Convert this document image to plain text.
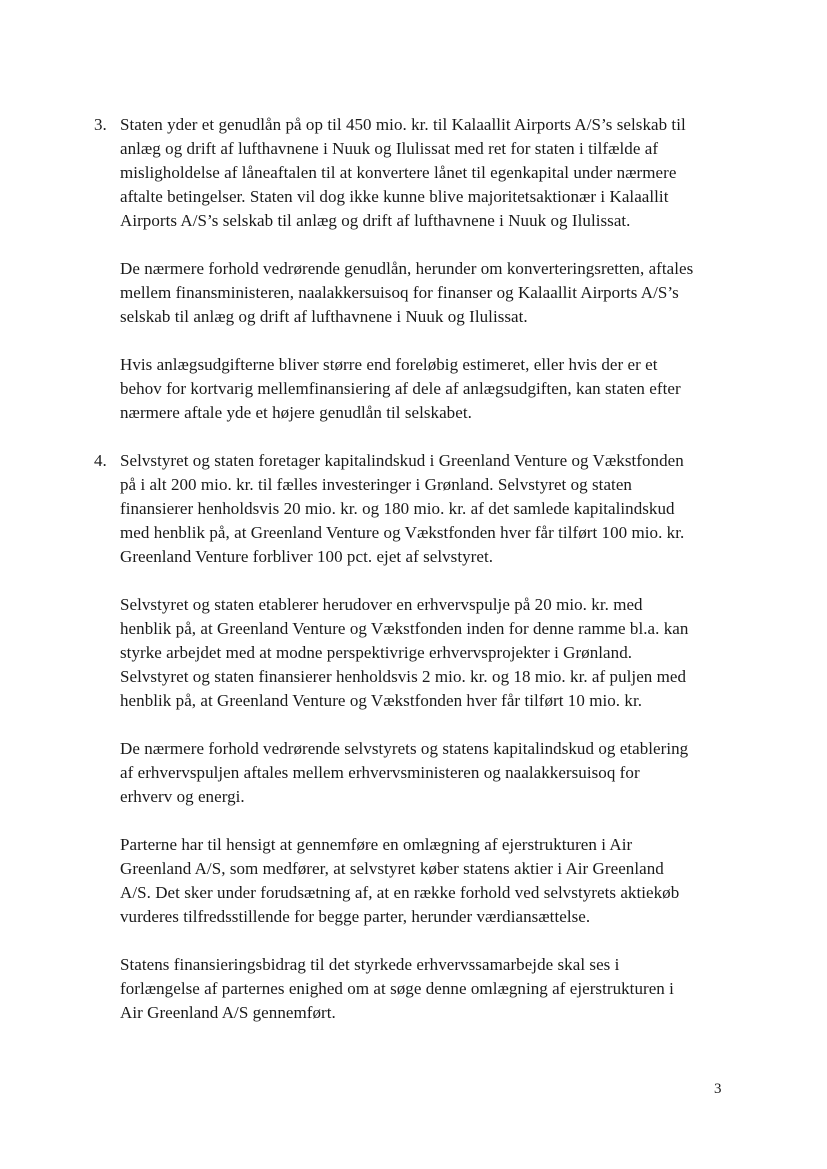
3. Staten yder et genudlån på op til 450 mio. kr. til Kalaallit Airports A/S’s selskab til
anlæg og drift af lufthavnene i Nuuk og Ilulissat med ret for staten i tilfælde af
misligholdelse af låneaftalen til at konvertere lånet til egenkapital under nærmere
aftalte betingelser. Staten vil dog ikke kunne blive majoritetsaktionær i Kalaallit
Airports A/S’s selskab til anlæg og drift af lufthavnene i Nuuk og Ilulissat.

De nærmere forhold vedrørende genudlån, herunder om konverteringsretten, aftales
mellem finansministeren, naalakkersuisoq for finanser og Kalaallit Airports A/S’s
selskab til anlæg og drift af lufthavnene i Nuuk og Ilulissat.

Hvis anlægsudgifterne bliver større end foreløbig estimeret, eller hvis der er et
behov for kortvarig mellemfinansiering af dele af anlægsudgiften, kan staten efter
nærmere aftale yde et højere genudlån til selskabet.

4. Selvstyret og staten foretager kapitalindskud i Greenland Venture og Vækstfonden
på i alt 200 mio. kr. til fælles investeringer i Grønland. Selvstyret og staten
finansierer henholdsvis 20 mio. kr. og 180 mio. kr. af det samlede kapitalindskud
med henblik på, at Greenland Venture og Vækstfonden hver får tilført 100 mio. kr.
Greenland Venture forbliver 100 pct. ejet af selvstyret.

Selvstyret og staten etablerer herudover en erhvervspulje på 20 mio. kr. med
henblik på, at Greenland Venture og Vækstfonden inden for denne ramme bl.a. kan
styrke arbejdet med at modne perspektivrige erhvervsprojekter i Grønland.
Selvstyret og staten finansierer henholdsvis 2 mio. kr. og 18 mio. kr. af puljen med
henblik på, at Greenland Venture og Vækstfonden hver får tilført 10 mio. kr.

De nærmere forhold vedrørende selvstyrets og statens kapitalindskud og etablering
af erhvervspuljen aftales mellem erhvervsministeren og naalakkersuisoq for
erhverv og energi.

Parterne har til hensigt at gennemføre en omlægning af ejerstrukturen i Air
Greenland A/S, som medfører, at selvstyret køber statens aktier i Air Greenland
A/S. Det sker under forudsætning af, at en række forhold ved selvstyrets aktiekøb
vurderes tilfredsstillende for begge parter, herunder værdiansættelse.

Statens finansieringsbidrag til det styrkede erhvervssamarbejde skal ses i
forlængelse af parternes enighed om at søge denne omlægning af ejerstrukturen i
Air Greenland A/S gennemført.

3
